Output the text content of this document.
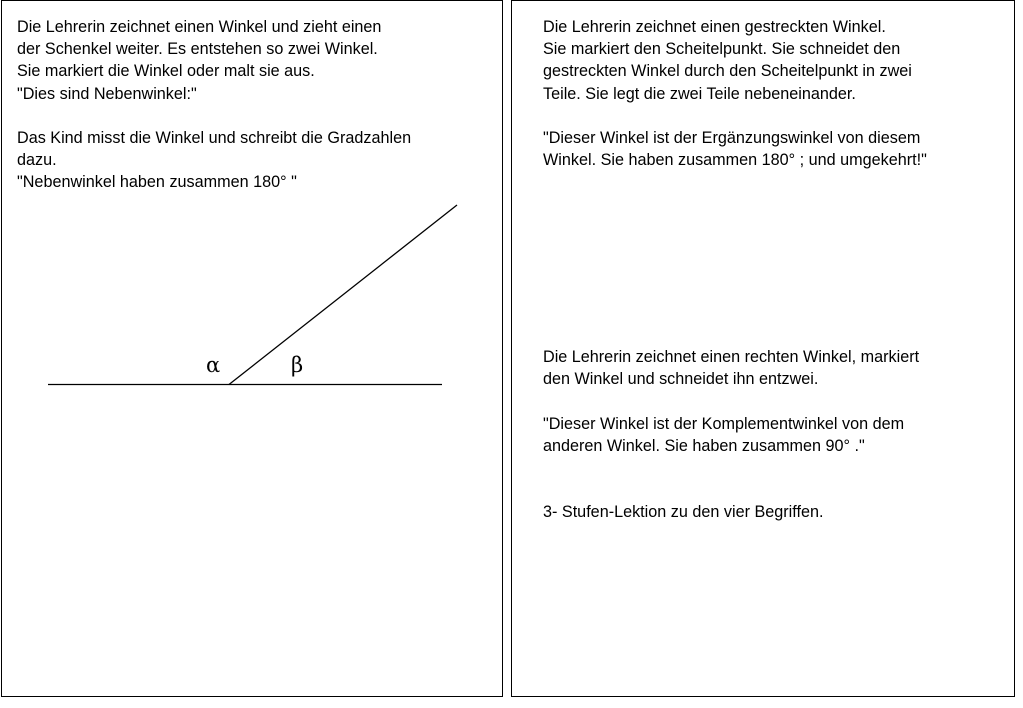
Die Lehrerin zeichnet einen Winkel und zieht einen
der Schenkel weiter. Es entstehen so zwei Winkel.
Sie markiert die Winkel oder malt sie aus.
"Dies sind Nebenwinkel:"
Das Kind misst die Winkel und schreibt die Gradzahlen
dazu.
"Nebenwinkel haben zusammen 180° "
α	β
Die Lehrerin zeichnet einen gestreckten Winkel.
Sie markiert den Scheitelpunkt. Sie schneidet den
gestreckten Winkel durch den Scheitelpunkt in zwei
Teile. Sie legt die zwei Teile nebeneinander.
"Dieser Winkel ist der Ergänzungswinkel von diesem
Winkel. Sie haben zusammen 180° ; und umgekehrt!"
Die Lehrerin zeichnet einen rechten Winkel, markiert
den Winkel und schneidet ihn entzwei.
"Dieser Winkel ist der Komplementwinkel von dem
anderen Winkel. Sie haben zusammen 90° ."
3- Stufen-Lektion zu den vier Begriffen.
